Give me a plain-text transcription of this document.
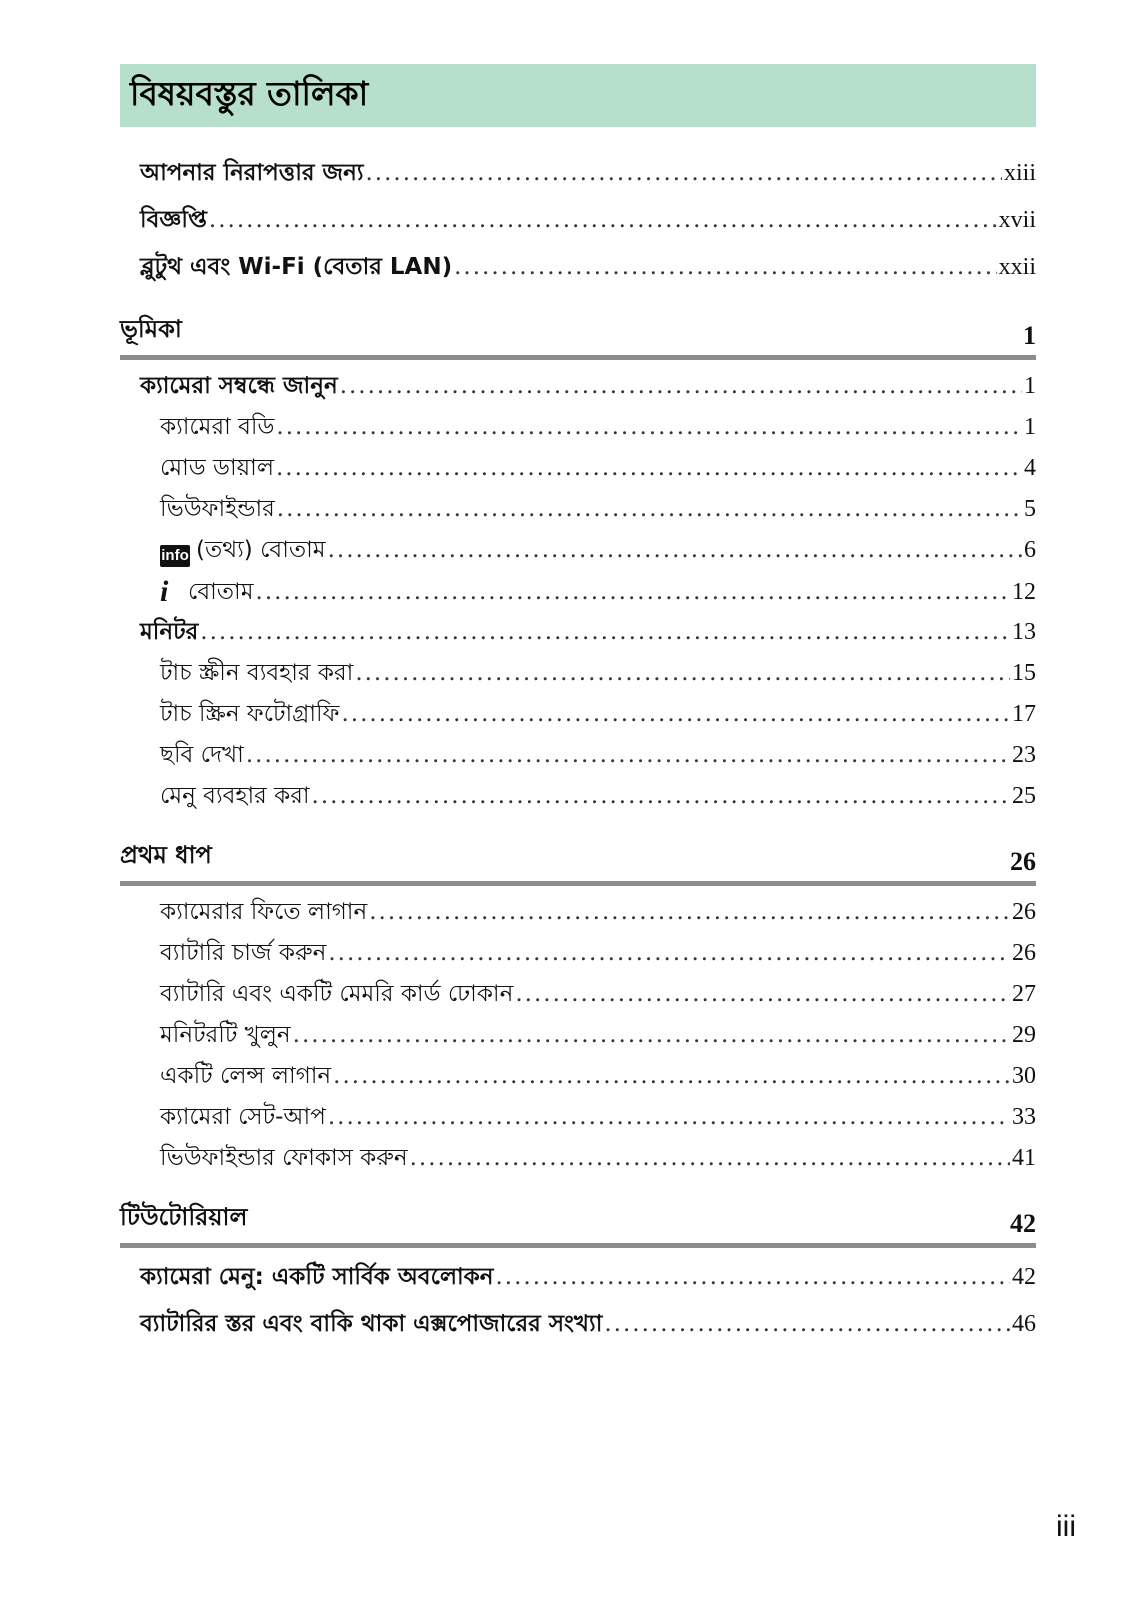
বিষয়বস্তুর তালিকা
আপনার নিরাপত্তার জন্য .....	xiii
বিজ্ঞপ্তি .....	xvii
ব্লুটুথ এবং Wi-Fi (বেতার LAN) .....	xxii
ভূমিকা	1
ক্যামেরা সম্বন্ধে জানুন .....	1
ক্যামেরা বডি .....	1
মোড ডায়াল .....	4
ভিউফাইন্ডার .....	5
info (তথ্য) বোতাম .....	6
i বোতাম .....	12
মনিটর .....	13
টাচ স্ক্রীন ব্যবহার করা .....	15
টাচ স্ক্রিন ফটোগ্রাফি .....	17
ছবি দেখা .....	23
মেনু ব্যবহার করা .....	25
প্রথম ধাপ	26
ক্যামেরার ফিতে লাগান .....	26
ব্যাটারি চার্জ করুন .....	26
ব্যাটারি এবং একটি মেমরি কার্ড ঢোকান .....	27
মনিটরটি খুলুন .....	29
একটি লেন্স লাগান .....	30
ক্যামেরা সেট-আপ .....	33
ভিউফাইন্ডার ফোকাস করুন .....	41
টিউটোরিয়াল	42
ক্যামেরা মেনু: একটি সার্বিক অবলোকন .....	42
ব্যাটারির স্তর এবং বাকি থাকা এক্সপোজারের সংখ্যা .....	46
iii
